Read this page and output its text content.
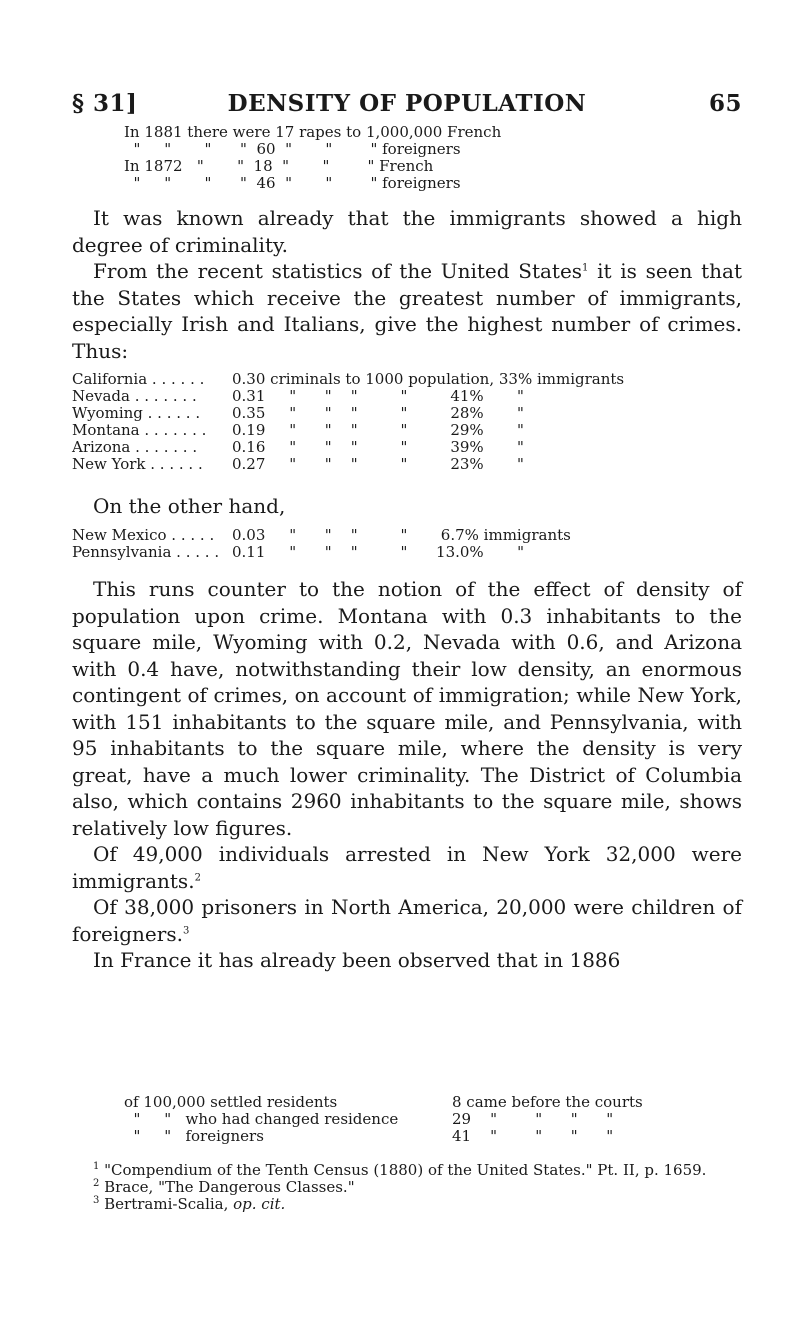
§ 31]	DENSITY OF POPULATION	65
In 1881 there were 17 rapes to 1,000,000 French
"     "       "      "  60  "       "        " foreigners
In 1872   "       "  18  "       "        " French
"     "       "      "  46  "       "        " foreigners

It was known already that the immigrants showed a high degree of criminality.

From the recent statistics of the United States$^1$ it is seen that the States which receive the greatest number of immigrants, especially Irish and Italians, give the highest number of crimes. Thus:

California . . . . . . 0.30 criminals to 1000 population, 33% immigrants
Nevada . . . . . . . 0.31     "      "    "         "         41%       "
Wyoming . . . . . . 0.35     "      "    "         "         28%       "
Montana . . . . . . . 0.19     "      "    "         "         29%       "
Arizona . . . . . . . 0.16     "      "    "         "         39%       "
New York . . . . . . 0.27     "      "    "         "         23%       "

On the other hand,

New Mexico . . . . . 0.03     "      "    "         "       6.7% immigrants
Pennsylvania . . . . . 0.11     "      "    "         "      13.0%       "

This runs counter to the notion of the effect of density of population upon crime. Montana with 0.3 inhabitants to the square mile, Wyoming with 0.2, Nevada with 0.6, and Arizona with 0.4 have, notwithstanding their low density, an enormous contingent of crimes, on account of immigration; while New York, with 151 inhabitants to the square mile, and Pennsylvania, with 95 inhabitants to the square mile, where the density is very great, have a much lower criminality. The District of Columbia also, which contains 2960 inhabitants to the square mile, shows relatively low figures.

Of 49,000 individuals arrested in New York 32,000 were immigrants.$^2$

Of 38,000 prisoners in North America, 20,000 were children of foreigners.$^3$

In France it has already been observed that in 1886

of 100,000 settled residents	8 came before the courts
"     "   who had changed residence	29    "        "      "      "
"     "   foreigners	41    "        "      "      "

$^1$ "Compendium of the Tenth Census (1880) of the United States." Pt. II, p. 1659.

$^2$ Brace, "The Dangerous Classes."

$^3$ Bertrami-Scalia, op. cit.
